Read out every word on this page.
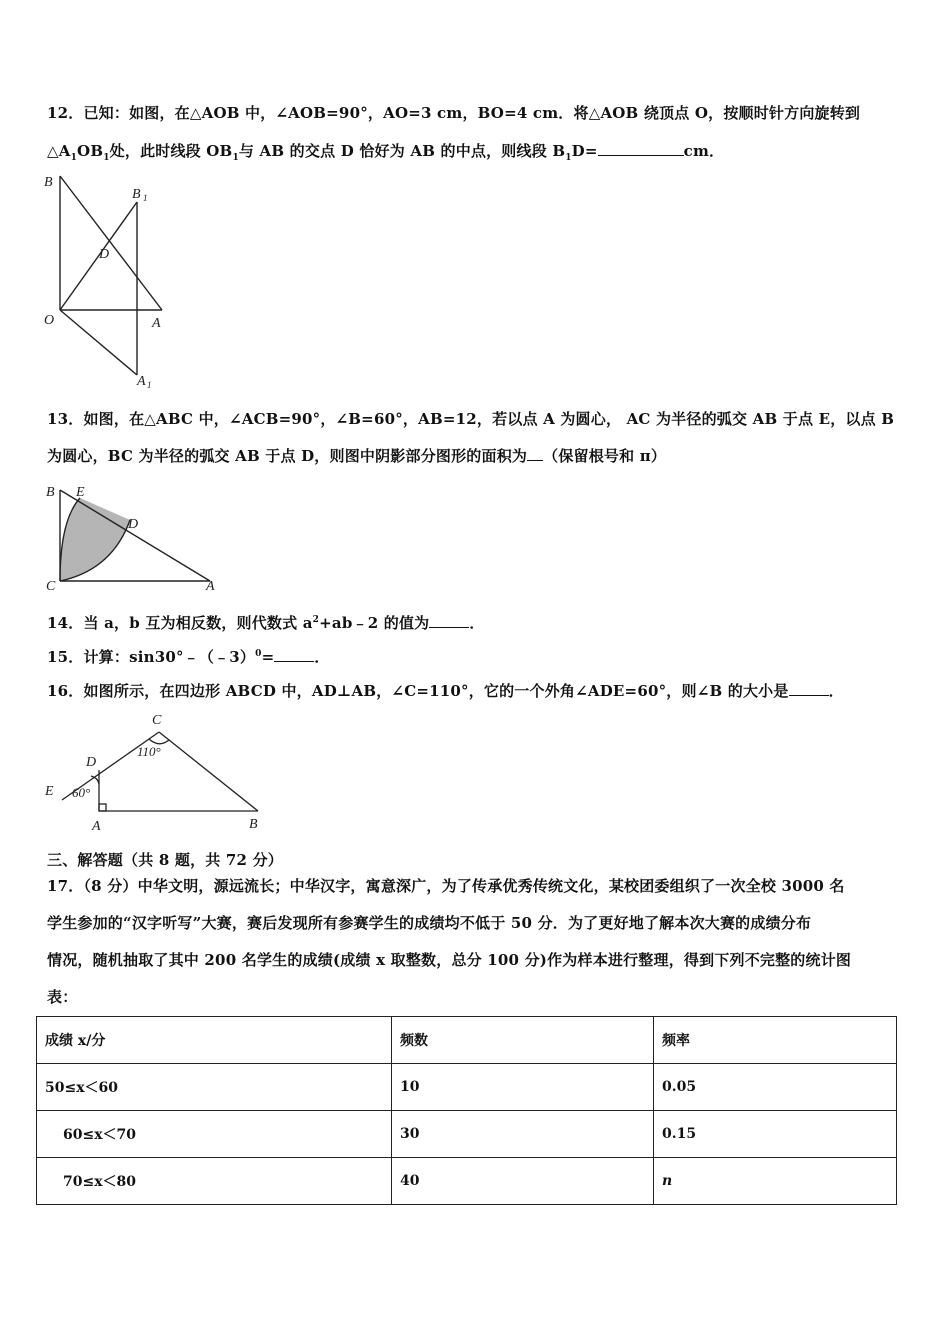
12．已知：如图，在△AOB 中，∠AOB=90°，AO=3 cm，BO=4 cm．将△AOB 绕顶点 O，按顺时针方向旋转到
$\triangle A_1OB_1$处，此时线段 $OB_1$与 AB 的交点 D 恰好为 AB 的中点，则线段 $B_1D=$	cm．
B
B 1
D
O	A
A 1
13．如图，在△ABC 中，∠ACB=90°，∠B=60°，AB=12，若以点 A 为圆心， AC 为半径的弧交 AB 于点 E，以点 B
为圆心，BC 为半径的弧交 AB 于点 D，则图中阴影部分图形的面积为 （保留根号和 π）
B E
D
C	A
14．当 a，b 互为相反数，则代数式 $a^2+ab﹣2$ 的值为	．
15．计算：sin30°﹣（﹣3）$^0$=	．
16．如图所示，在四边形 ABCD 中，AD⊥AB，∠C=110°，它的一个外角∠ADE=60°，则∠B 的大小是	．
C
110°
D
E 60°
A	B
三、解答题（共 8 题，共 72 分）
17．（8 分）中华文明，源远流长；中华汉字，寓意深广，为了传承优秀传统文化，某校团委组织了一次全校 3000 名
学生参加的“汉字听写”大赛，赛后发现所有参赛学生的成绩均不低于 50 分．为了更好地了解本次大赛的成绩分布
情况，随机抽取了其中 200 名学生的成绩(成绩 x 取整数，总分 100 分)作为样本进行整理，得到下列不完整的统计图
表：
成绩 x/分	频数	频率
50≤x＜60	10	0.05
60≤x＜70	30	0.15
70≤x＜80	40	n
